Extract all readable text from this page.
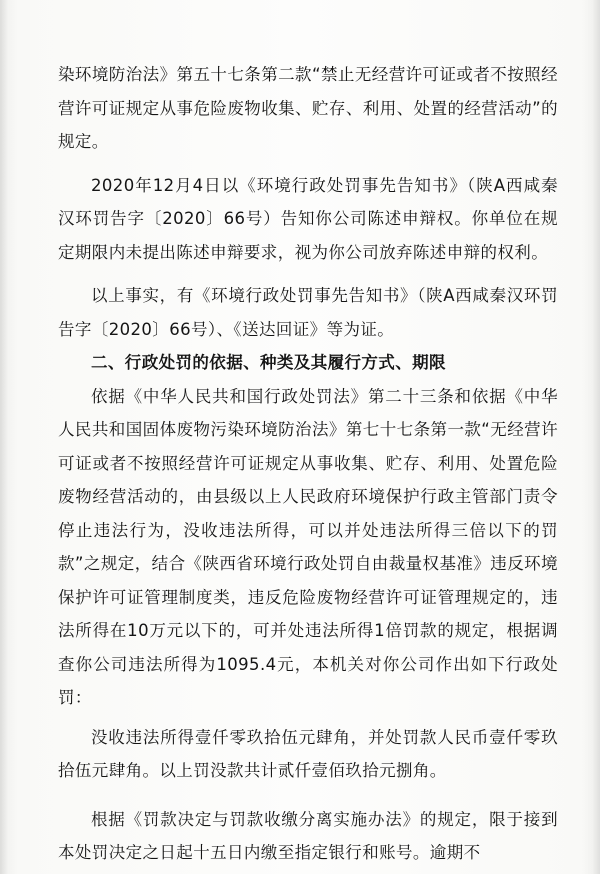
染环境防治法》第五十七条第二款“禁止无经营许可证或者不按照经营许可证规定从事危险废物收集、贮存、利用、处置的经营活动”的规定。

2020年12月4日以《环境行政处罚事先告知书》（陕A西咸秦汉环罚告字〔2020〕66号）告知你公司陈述申辩权。你单位在规定期限内未提出陈述申辩要求，视为你公司放弃陈述申辩的权利。

以上事实，有《环境行政处罚事先告知书》（陕A西咸秦汉环罚告字〔2020〕66号）、《送达回证》等为证。

二、行政处罚的依据、种类及其履行方式、期限

依据《中华人民共和国行政处罚法》第二十三条和依据《中华人民共和国固体废物污染环境防治法》第七十七条第一款“无经营许可证或者不按照经营许可证规定从事收集、贮存、利用、处置危险废物经营活动的，由县级以上人民政府环境保护行政主管部门责令停止违法行为，没收违法所得，可以并处违法所得三倍以下的罚款”之规定，结合《陕西省环境行政处罚自由裁量权基准》违反环境保护许可证管理制度类，违反危险废物经营许可证管理规定的，违法所得在10万元以下的，可并处违法所得1倍罚款的规定，根据调查你公司违法所得为1095.4元，本机关对你公司作出如下行政处罚：

没收违法所得壹仟零玖拾伍元肆角，并处罚款人民币壹仟零玖拾伍元肆角。以上罚没款共计贰仟壹佰玖拾元捌角。

根据《罚款决定与罚款收缴分离实施办法》的规定，限于接到本处罚决定之日起十五日内缴至指定银行和账号。逾期不
